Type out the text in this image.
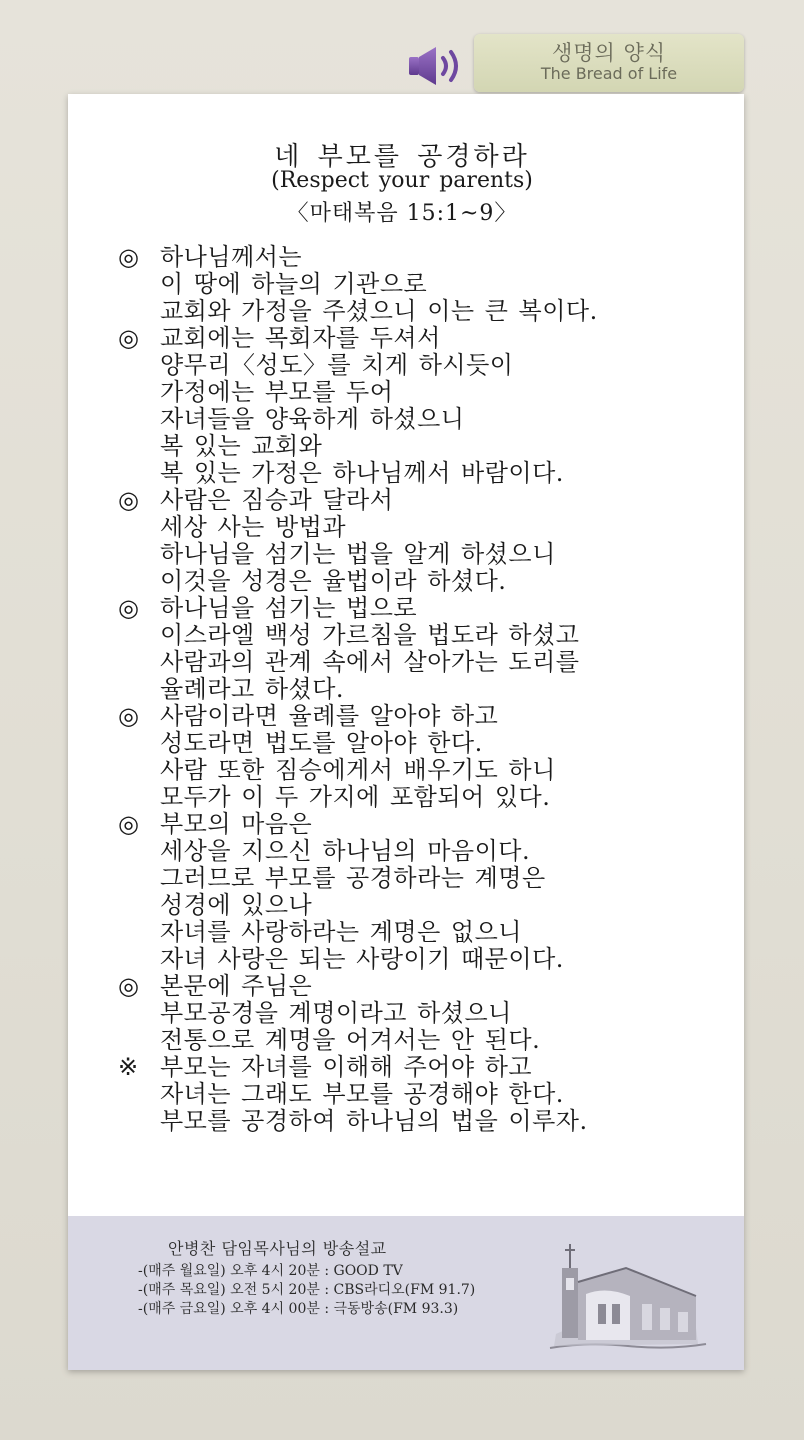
생명의 양식
The Bread of Life
네 부모를 공경하라
(Respect your parents)
〈마태복음 15:1~9〉
◎ 하나님께서는
이 땅에 하늘의 기관으로
교회와 가정을 주셨으니 이는 큰 복이다.
◎ 교회에는 목회자를 두셔서
양무리〈성도〉를 치게 하시듯이
가정에는 부모를 두어
자녀들을 양육하게 하셨으니
복 있는 교회와
복 있는 가정은 하나님께서 바람이다.
◎ 사람은 짐승과 달라서
세상 사는 방법과
하나님을 섬기는 법을 알게 하셨으니
이것을 성경은 율법이라 하셨다.
◎ 하나님을 섬기는 법으로
이스라엘 백성 가르침을 법도라 하셨고
사람과의 관계 속에서 살아가는 도리를
율례라고 하셨다.
◎ 사람이라면 율례를 알아야 하고
성도라면 법도를 알아야 한다.
사람 또한 짐승에게서 배우기도 하니
모두가 이 두 가지에 포함되어 있다.
◎ 부모의 마음은
세상을 지으신 하나님의 마음이다.
그러므로 부모를 공경하라는 계명은
성경에 있으나
자녀를 사랑하라는 계명은 없으니
자녀 사랑은 되는 사랑이기 때문이다.
◎ 본문에 주님은
부모공경을 계명이라고 하셨으니
전통으로 계명을 어겨서는 안 된다.
※ 부모는 자녀를 이해해 주어야 하고
자녀는 그래도 부모를 공경해야 한다.
부모를 공경하여 하나님의 법을 이루자.
안병찬 담임목사님의 방송설교
-(매주 월요일) 오후 4시 20분 : GOOD TV
-(매주 목요일) 오전 5시 20분 : CBS라디오(FM 91.7)
-(매주 금요일) 오후 4시 00분 : 극동방송(FM 93.3)
